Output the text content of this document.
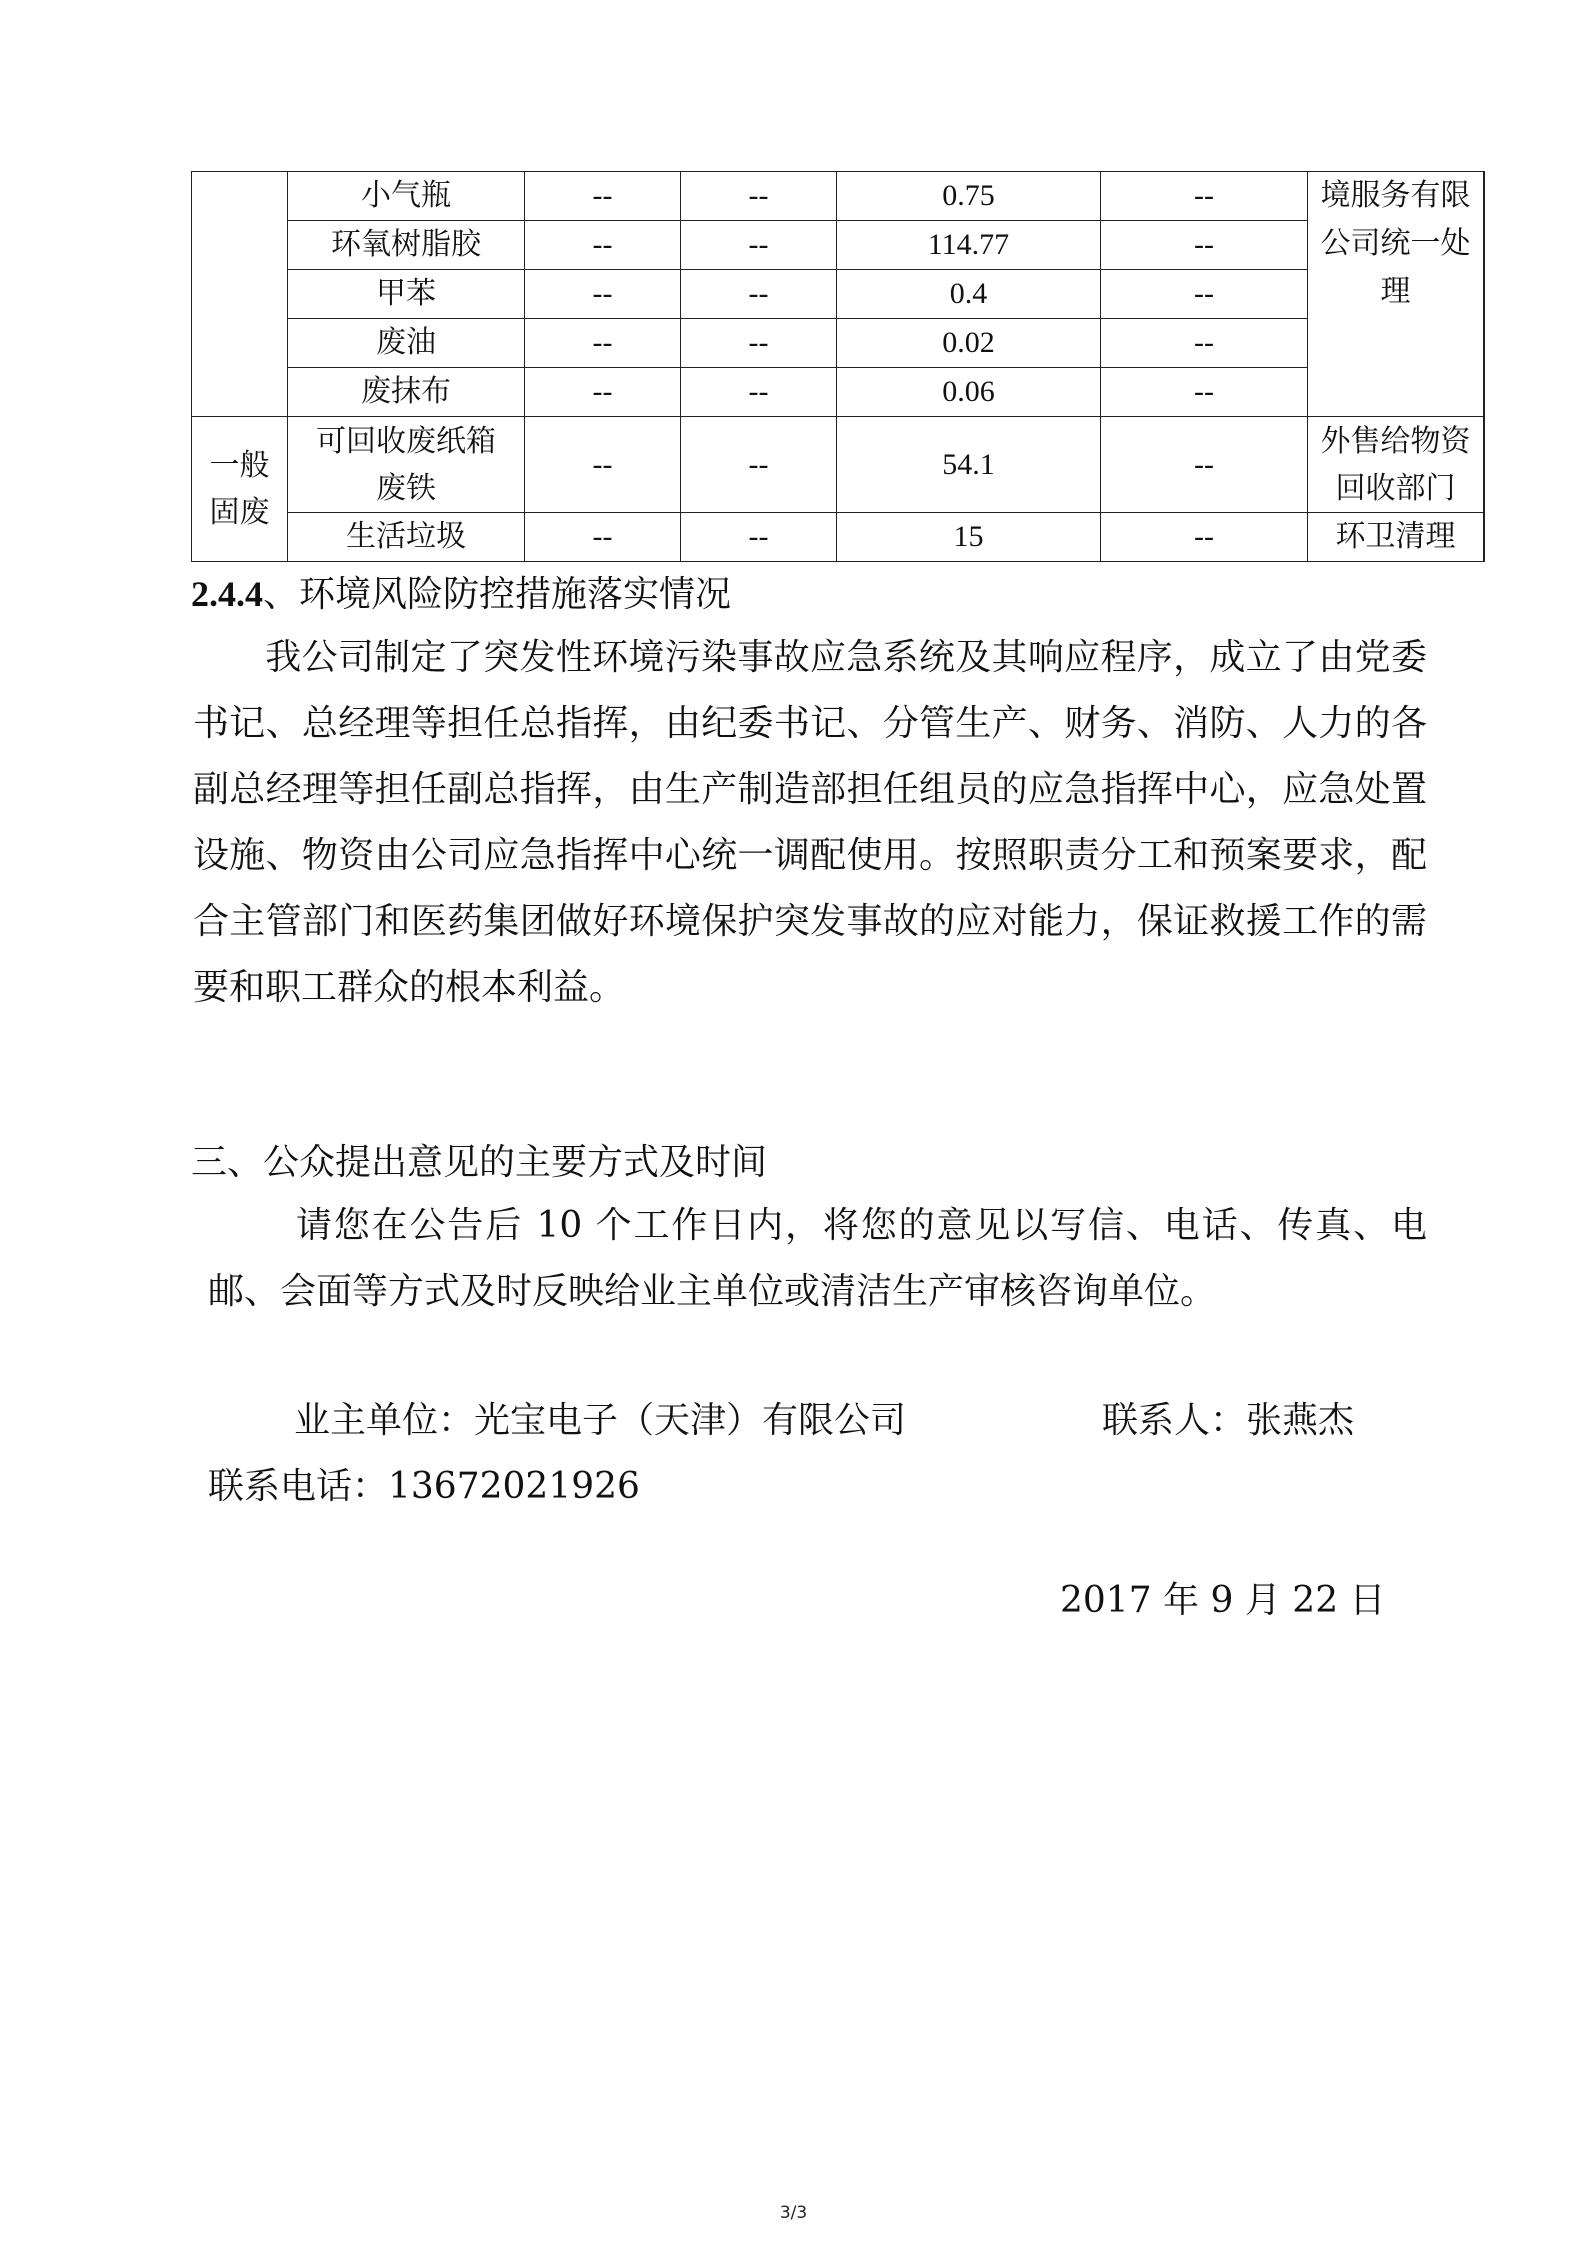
	小气瓶	--	--	0.75	--	境服务有限公司统一处理	

	环氧树脂胶	--	--	114.77	--		
	甲苯	--	--	0.4	--		
	废油	--	--	0.02	--		
	废抹布	--	--	0.06	--		

一般固废	可回收废纸箱废铁	--	--	54.1	--	外售给物资回收部门	

	生活垃圾	--	--	15	--	环卫清理	
2.4.4、环境风险防控措施落实情况
我公司制定了突发性环境污染事故应急系统及其响应程序，成立了由党委书记、总经理等担任总指挥，由纪委书记、分管生产、财务、消防、人力的各副总经理等担任副总指挥，由生产制造部担任组员的应急指挥中心，应急处置设施、物资由公司应急指挥中心统一调配使用。按照职责分工和预案要求，配合主管部门和医药集团做好环境保护突发事故的应对能力，保证救援工作的需要和职工群众的根本利益。
三、公众提出意见的主要方式及时间
请您在公告后 10 个工作日内，将您的意见以写信、电话、传真、电邮、会面等方式及时反映给业主单位或清洁生产审核咨询单位。
业主单位：光宝电子（天津）有限公司	联系人：张燕杰
联系电话：13672021926
2017 年 9 月 22 日
3/3
